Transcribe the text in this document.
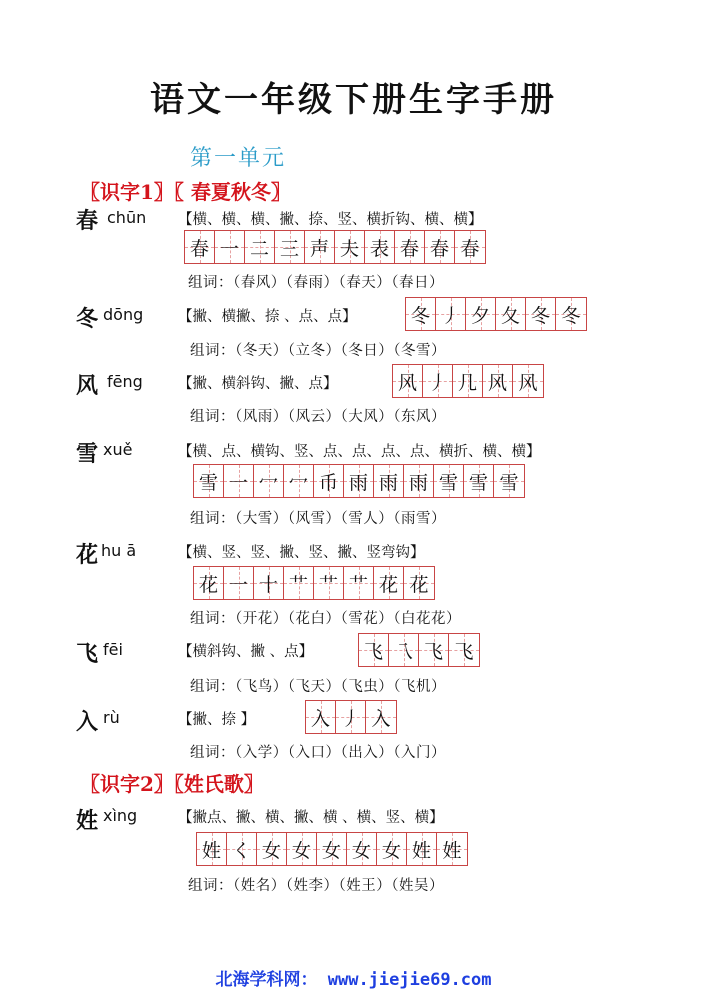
语文一年级下册生字手册
第一单元
〖识字1〗〖 春夏秋冬〗
春 chūn 【横、横、横、撇、捺、竖、横折钩、横、横】
春 一 二 三 声 夫 表 春 春 春
组词：（春风）（春雨）（春天）（春日）
冬 dōng 【撇、横撇、捺 、点、点】	冬 丿 夕 夂 冬 冬
组词：（冬天）（立冬）（冬日）（冬雪）
风 fēng 【撇、横斜钩、撇、点】	风 丿 几 风 风
组词：（风雨）（风云）（大风）（东风）
雪 xuě	【横、点、横钩、竖、点、点、点、点、横折、横、横】
雪 一 冖 冖 币 雨 雨 雨 雪 雪 雪
组词：（大雪）（风雪）（雪人）（雨雪）
花 hu ā	【横、竖、竖、撇、竖、撇、竖弯钩】
花 一 十 艹 艹 艹 花 花
组词：（开花）（花白）（雪花）（白花花）
飞 fēi	【横斜钩、撇 、点】	飞 乁 飞 飞
组词：（飞鸟）（飞天）（飞虫）（飞机）
入 rù	【撇、捺 】	入 丿 入
组词：（入学）（入口）（出入）（入门）
〖识字2〗〖姓氏歌〗
姓 xìng	【撇点、撇、横、撇、横 、横、竖、横】
姓 く 女 女 女 女 女 姓 姓
组词：（姓名）（姓李）（姓王）（姓吴）
北海学科网： www.jiejie69.com
